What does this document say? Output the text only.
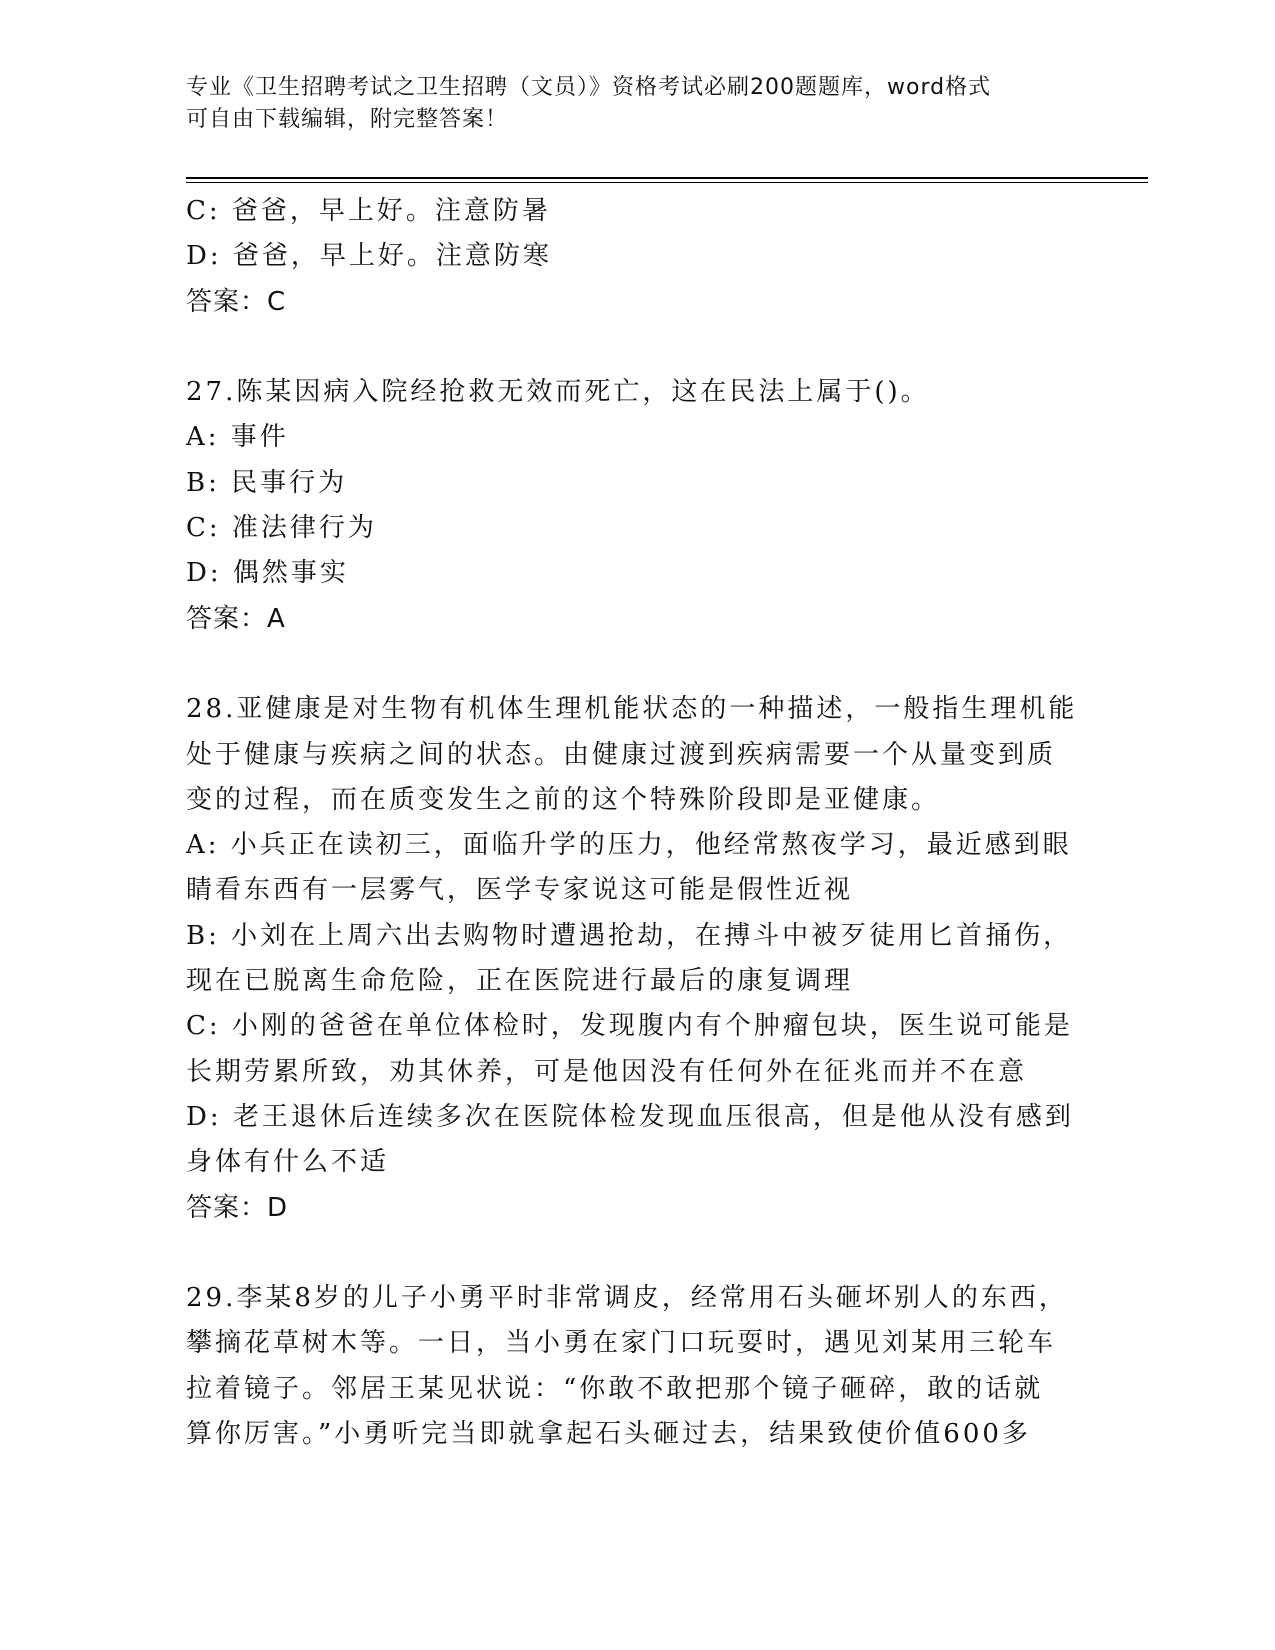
专业《卫生招聘考试之卫生招聘（文员）》资格考试必刷200题题库，word格式
可自由下载编辑，附完整答案！
C: 爸爸，早上好。注意防暑
D: 爸爸，早上好。注意防寒
答案：C
27.陈某因病入院经抢救无效而死亡，这在民法上属于()。
A: 事件
B: 民事行为
C: 准法律行为
D: 偶然事实
答案：A
28.亚健康是对生物有机体生理机能状态的一种描述，一般指生理机能
处于健康与疾病之间的状态。由健康过渡到疾病需要一个从量变到质
变的过程，而在质变发生之前的这个特殊阶段即是亚健康。
A: 小兵正在读初三，面临升学的压力，他经常熬夜学习，最近感到眼
睛看东西有一层雾气，医学专家说这可能是假性近视
B: 小刘在上周六出去购物时遭遇抢劫，在搏斗中被歹徒用匕首捅伤，
现在已脱离生命危险，正在医院进行最后的康复调理
C: 小刚的爸爸在单位体检时，发现腹内有个肿瘤包块，医生说可能是
长期劳累所致，劝其休养，可是他因没有任何外在征兆而并不在意
D: 老王退休后连续多次在医院体检发现血压很高，但是他从没有感到
身体有什么不适
答案：D
29.李某8岁的儿子小勇平时非常调皮，经常用石头砸坏别人的东西，
攀摘花草树木等。一日，当小勇在家门口玩耍时，遇见刘某用三轮车
拉着镜子。邻居王某见状说：“你敢不敢把那个镜子砸碎，敢的话就
算你厉害。”小勇听完当即就拿起石头砸过去，结果致使价值600多
